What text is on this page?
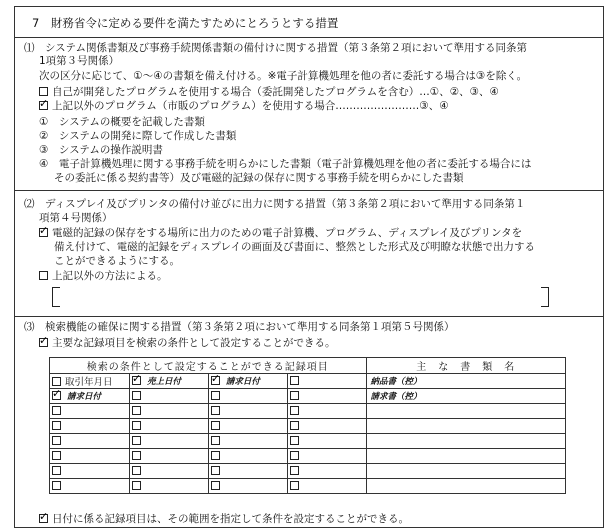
7　財務省令に定める要件を満たすためにとろうとする措置
⑴　システム関係書類及び事務手続関係書類の備付けに関する措置（第３条第２項において準用する同条第
1項第３号関係）
次の区分に応じて、①～④の書類を備え付ける。※電子計算機処理を他の者に委託する場合は③を除く。
自己が開発したプログラムを使用する場合（委託開発したプログラムを含む）…①、②、③、④
✓上記以外のプログラム（市販のプログラム）を使用する場合……………………③、④
①　システムの概要を記載した書類
②　システムの開発に際して作成した書類
③　システムの操作説明書
④　電子計算機処理に関する事務手続を明らかにした書類（電子計算機処理を他の者に委託する場合には
その委託に係る契約書等）及び電磁的記録の保存に関する事務手続を明らかにした書類
⑵　ディスプレイ及びプリンタの備付け並びに出力に関する措置（第３条第２項において準用する同条第１
項第４号関係）
✓電磁的記録の保存をする場所に出力のための電子計算機、プログラム、ディスプレイ及びプリンタを
備え付けて、電磁的記録をディスプレイの画面及び書面に、整然とした形式及び明瞭な状態で出力する
ことができるようにする。
上記以外の方法による。
⑶　検索機能の確保に関する措置（第３条第２項において準用する同条第１項第５号関係）
✓主要な記録項目を検索の条件として設定することができる。
検索の条件として設定することができる記録項目				主　な　書　類　名
取引年月日	✓売上日付	✓請求日付		納品書（控）
✓請求日付				請求書（控）

✓日付に係る記録項目は、その範囲を指定して条件を設定することができる。
